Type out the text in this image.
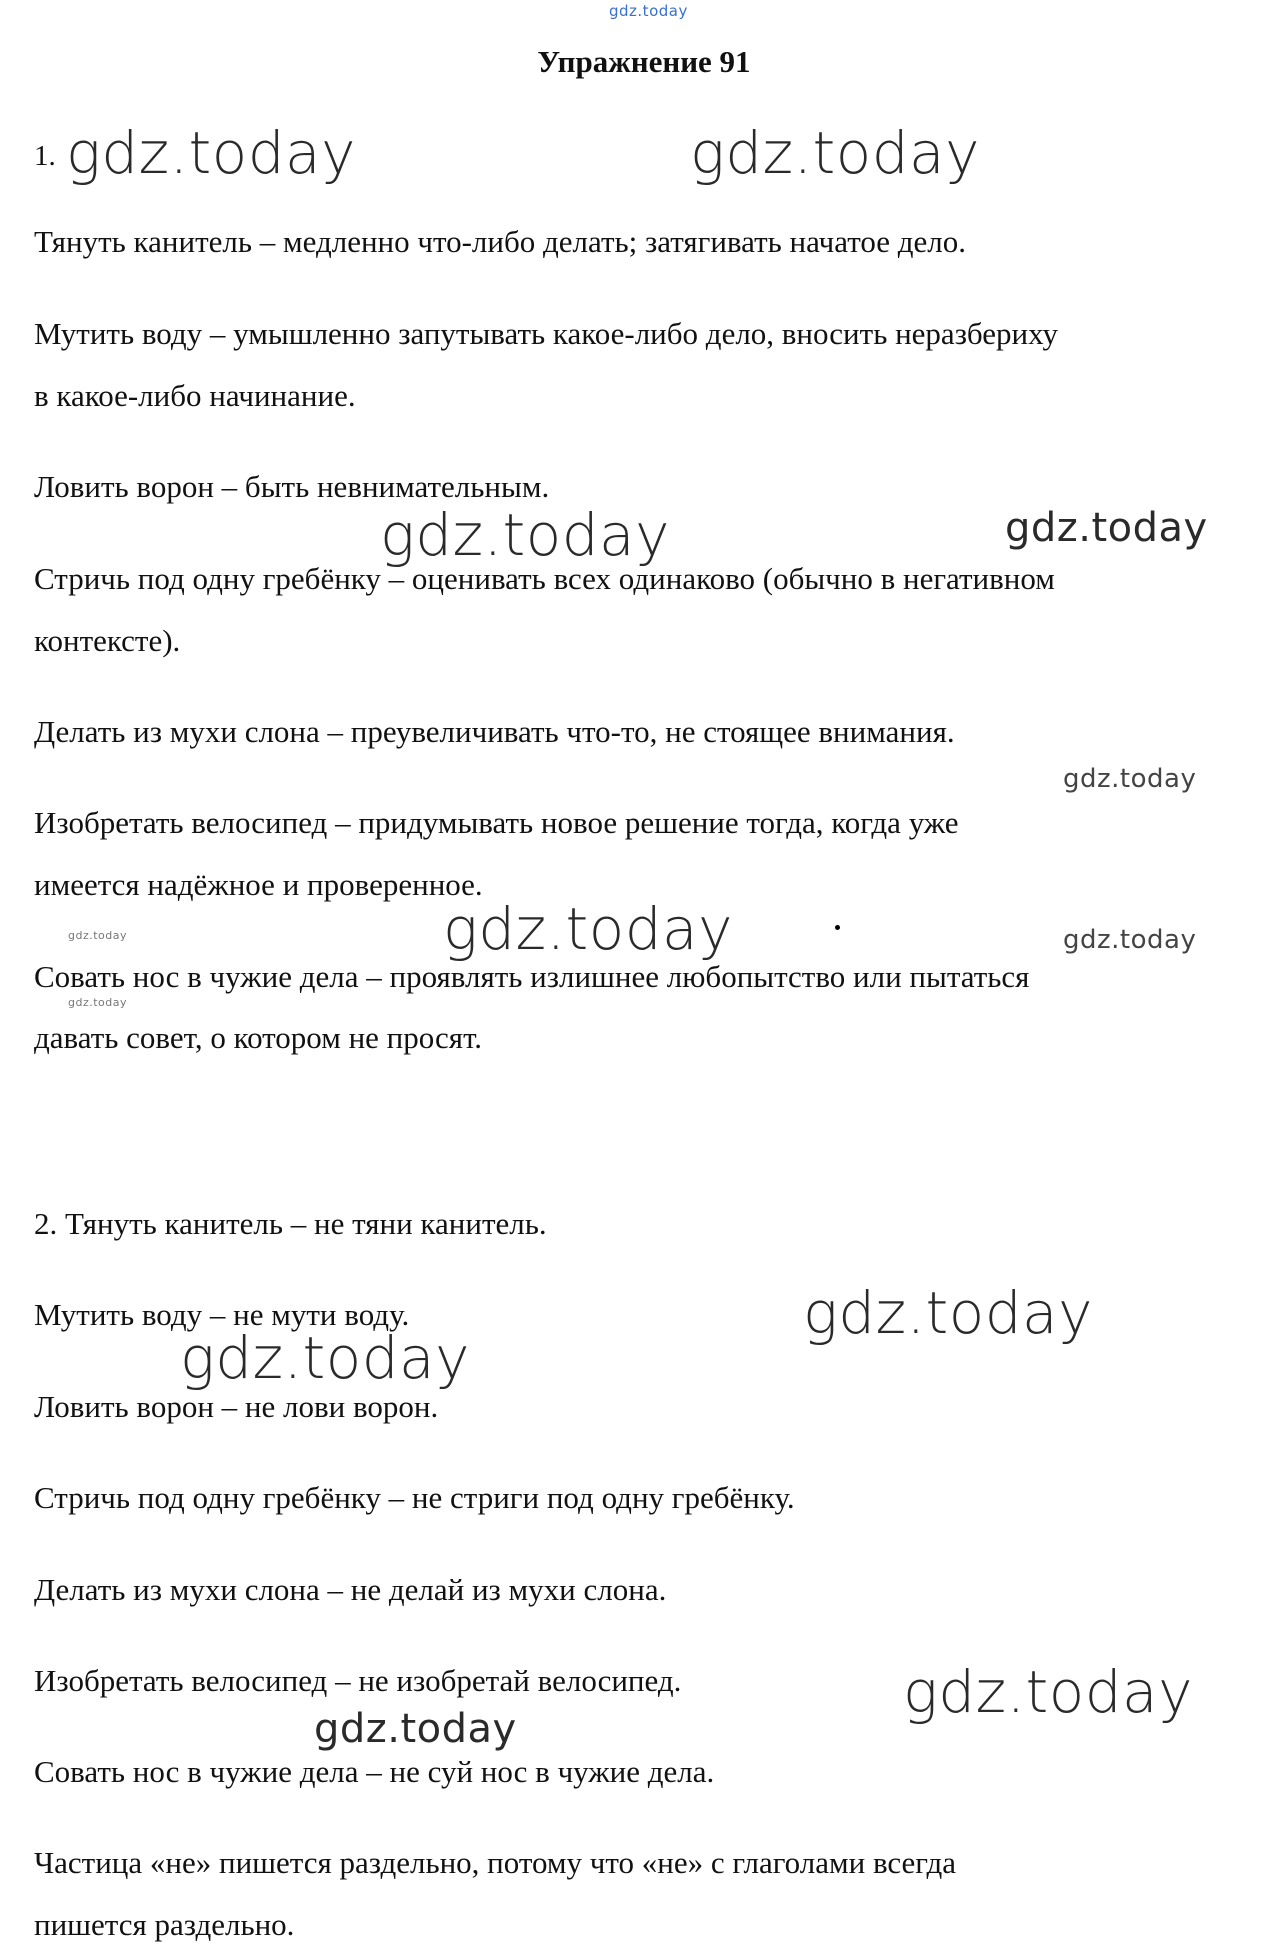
gdz.today
Упражнение 91
1.

Тянуть канитель – медленно что-либо делать; затягивать начатое дело.

Мутить воду – умышленно запутывать какое-либо дело, вносить неразбериху

в какое-либо начинание.

Ловить ворон – быть невнимательным.

Стричь под одну гребёнку – оценивать всех одинаково (обычно в негативном

контексте).

Делать из мухи слона – преувеличивать что-то, не стоящее внимания.

Изобретать велосипед – придумывать новое решение тогда, когда уже

имеется надёжное и проверенное.

Совать нос в чужие дела – проявлять излишнее любопытство или пытаться

давать совет, о котором не просят.

2. Тянуть канитель – не тяни канитель.

Мутить воду – не мути воду.

Ловить ворон – не лови ворон.

Стричь под одну гребёнку – не стриги под одну гребёнку.

Делать из мухи слона – не делай из мухи слона.

Изобретать велосипед – не изобретай велосипед.

Совать нос в чужие дела – не суй нос в чужие дела.

Частица «не» пишется раздельно, потому что «не» с глаголами всегда

пишется раздельно.

gdz.today	gdz.today
gdz.today	gdz.today
gdz.today
gdz.today	gdz.today	gdz.today
gdz.today
gdz.today
gdz.today
gdz.today
gdz.today
